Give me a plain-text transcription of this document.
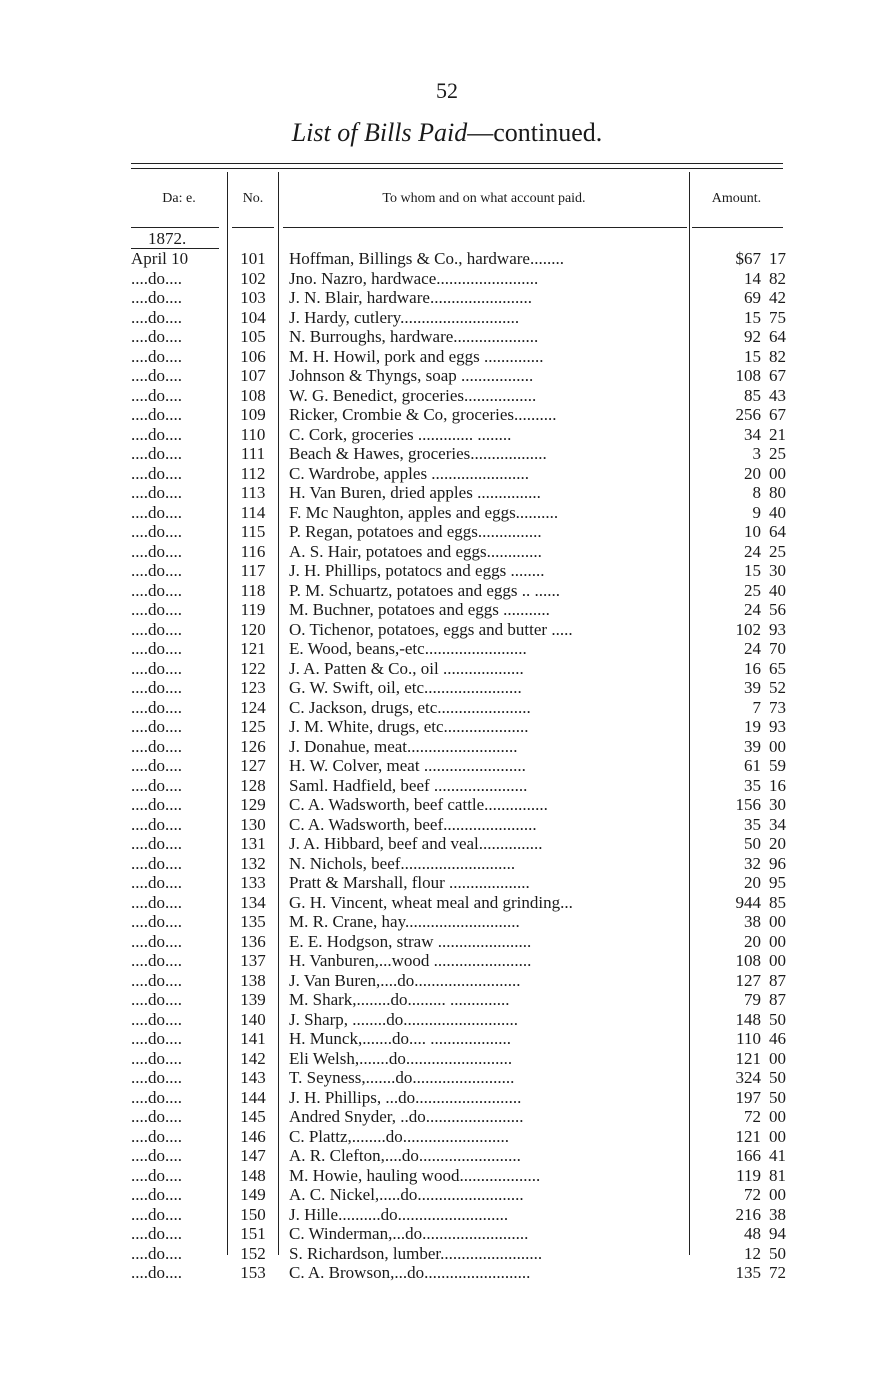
52
List of Bills Paid—continued.
Da: e.	No.	To whom and on what account paid.	Amount.
1872.
April 10	101	Hoffman, Billings & Co., hardware........	$67 17
....do....	102	Jno. Nazro, hardwace........................	14 82
....do....	103	J. N. Blair, hardware........................	69 42
....do....	104	J. Hardy, cutlery............................	15 75
....do....	105	N. Burroughs, hardware....................	92 64
....do....	106	M. H. Howil, pork and eggs ..............	15 82
....do....	107	Johnson & Thyngs, soap .................	108 67
....do....	108	W. G. Benedict, groceries.................	85 43
....do....	109	Ricker, Crombie & Co, groceries..........	256 67
....do....	110	C. Cork, groceries ............. ........	34 21
....do....	111	Beach & Hawes, groceries..................	3 25
....do....	112	C. Wardrobe, apples .......................	20 00
....do....	113	H. Van Buren, dried apples ...............	8 80
....do....	114	F. Mc Naughton, apples and eggs..........	9 40
....do....	115	P. Regan, potatoes and eggs...............	10 64
....do....	116	A. S. Hair, potatoes and eggs.............	24 25
....do....	117	J. H. Phillips, potatocs and eggs ........	15 30
....do....	118	P. M. Schuartz, potatoes and eggs .. ......	25 40
....do....	119	M. Buchner, potatoes and eggs ...........	24 56
....do....	120	O. Tichenor, potatoes, eggs and butter .....	102 93
....do....	121	E. Wood, beans,-etc........................	24 70
....do....	122	J. A. Patten & Co., oil ...................	16 65
....do....	123	G. W. Swift, oil, etc.......................	39 52
....do....	124	C. Jackson, drugs, etc......................	7 73
....do....	125	J. M. White, drugs, etc....................	19 93
....do....	126	J. Donahue, meat..........................	39 00
....do....	127	H. W. Colver, meat ........................	61 59
....do....	128	Saml. Hadfield, beef ......................	35 16
....do....	129	C. A. Wadsworth, beef cattle...............	156 30
....do....	130	C. A. Wadsworth, beef......................	35 34
....do....	131	J. A. Hibbard, beef and veal...............	50 20
....do....	132	N. Nichols, beef...........................	32 96
....do....	133	Pratt & Marshall, flour ...................	20 95
....do....	134	G. H. Vincent, wheat meal and grinding...	944 85
....do....	135	M. R. Crane, hay...........................	38 00
....do....	136	E. E. Hodgson, straw ......................	20 00
....do....	137	H. Vanburen,...wood .......................	108 00
....do....	138	J. Van Buren,....do.........................	127 87
....do....	139	M. Shark,........do......... ..............	79 87
....do....	140	J. Sharp, ........do...........................	148 50
....do....	141	H. Munck,.......do.... ...................	110 46
....do....	142	Eli Welsh,.......do.........................	121 00
....do....	143	T. Seyness,.......do........................	324 50
....do....	144	J. H. Phillips, ...do.........................	197 50
....do....	145	Andred Snyder, ..do.......................	72 00
....do....	146	C. Plattz,........do.........................	121 00
....do....	147	A. R. Clefton,....do........................	166 41
....do....	148	M. Howie, hauling wood...................	119 81
....do....	149	A. C. Nickel,.....do.........................	72 00
....do....	150	J. Hille..........do..........................	216 38
....do....	151	C. Winderman,...do.........................	48 94
....do....	152	S. Richardson, lumber........................	12 50
....do....	153	C. A. Browson,...do.........................	135 72
